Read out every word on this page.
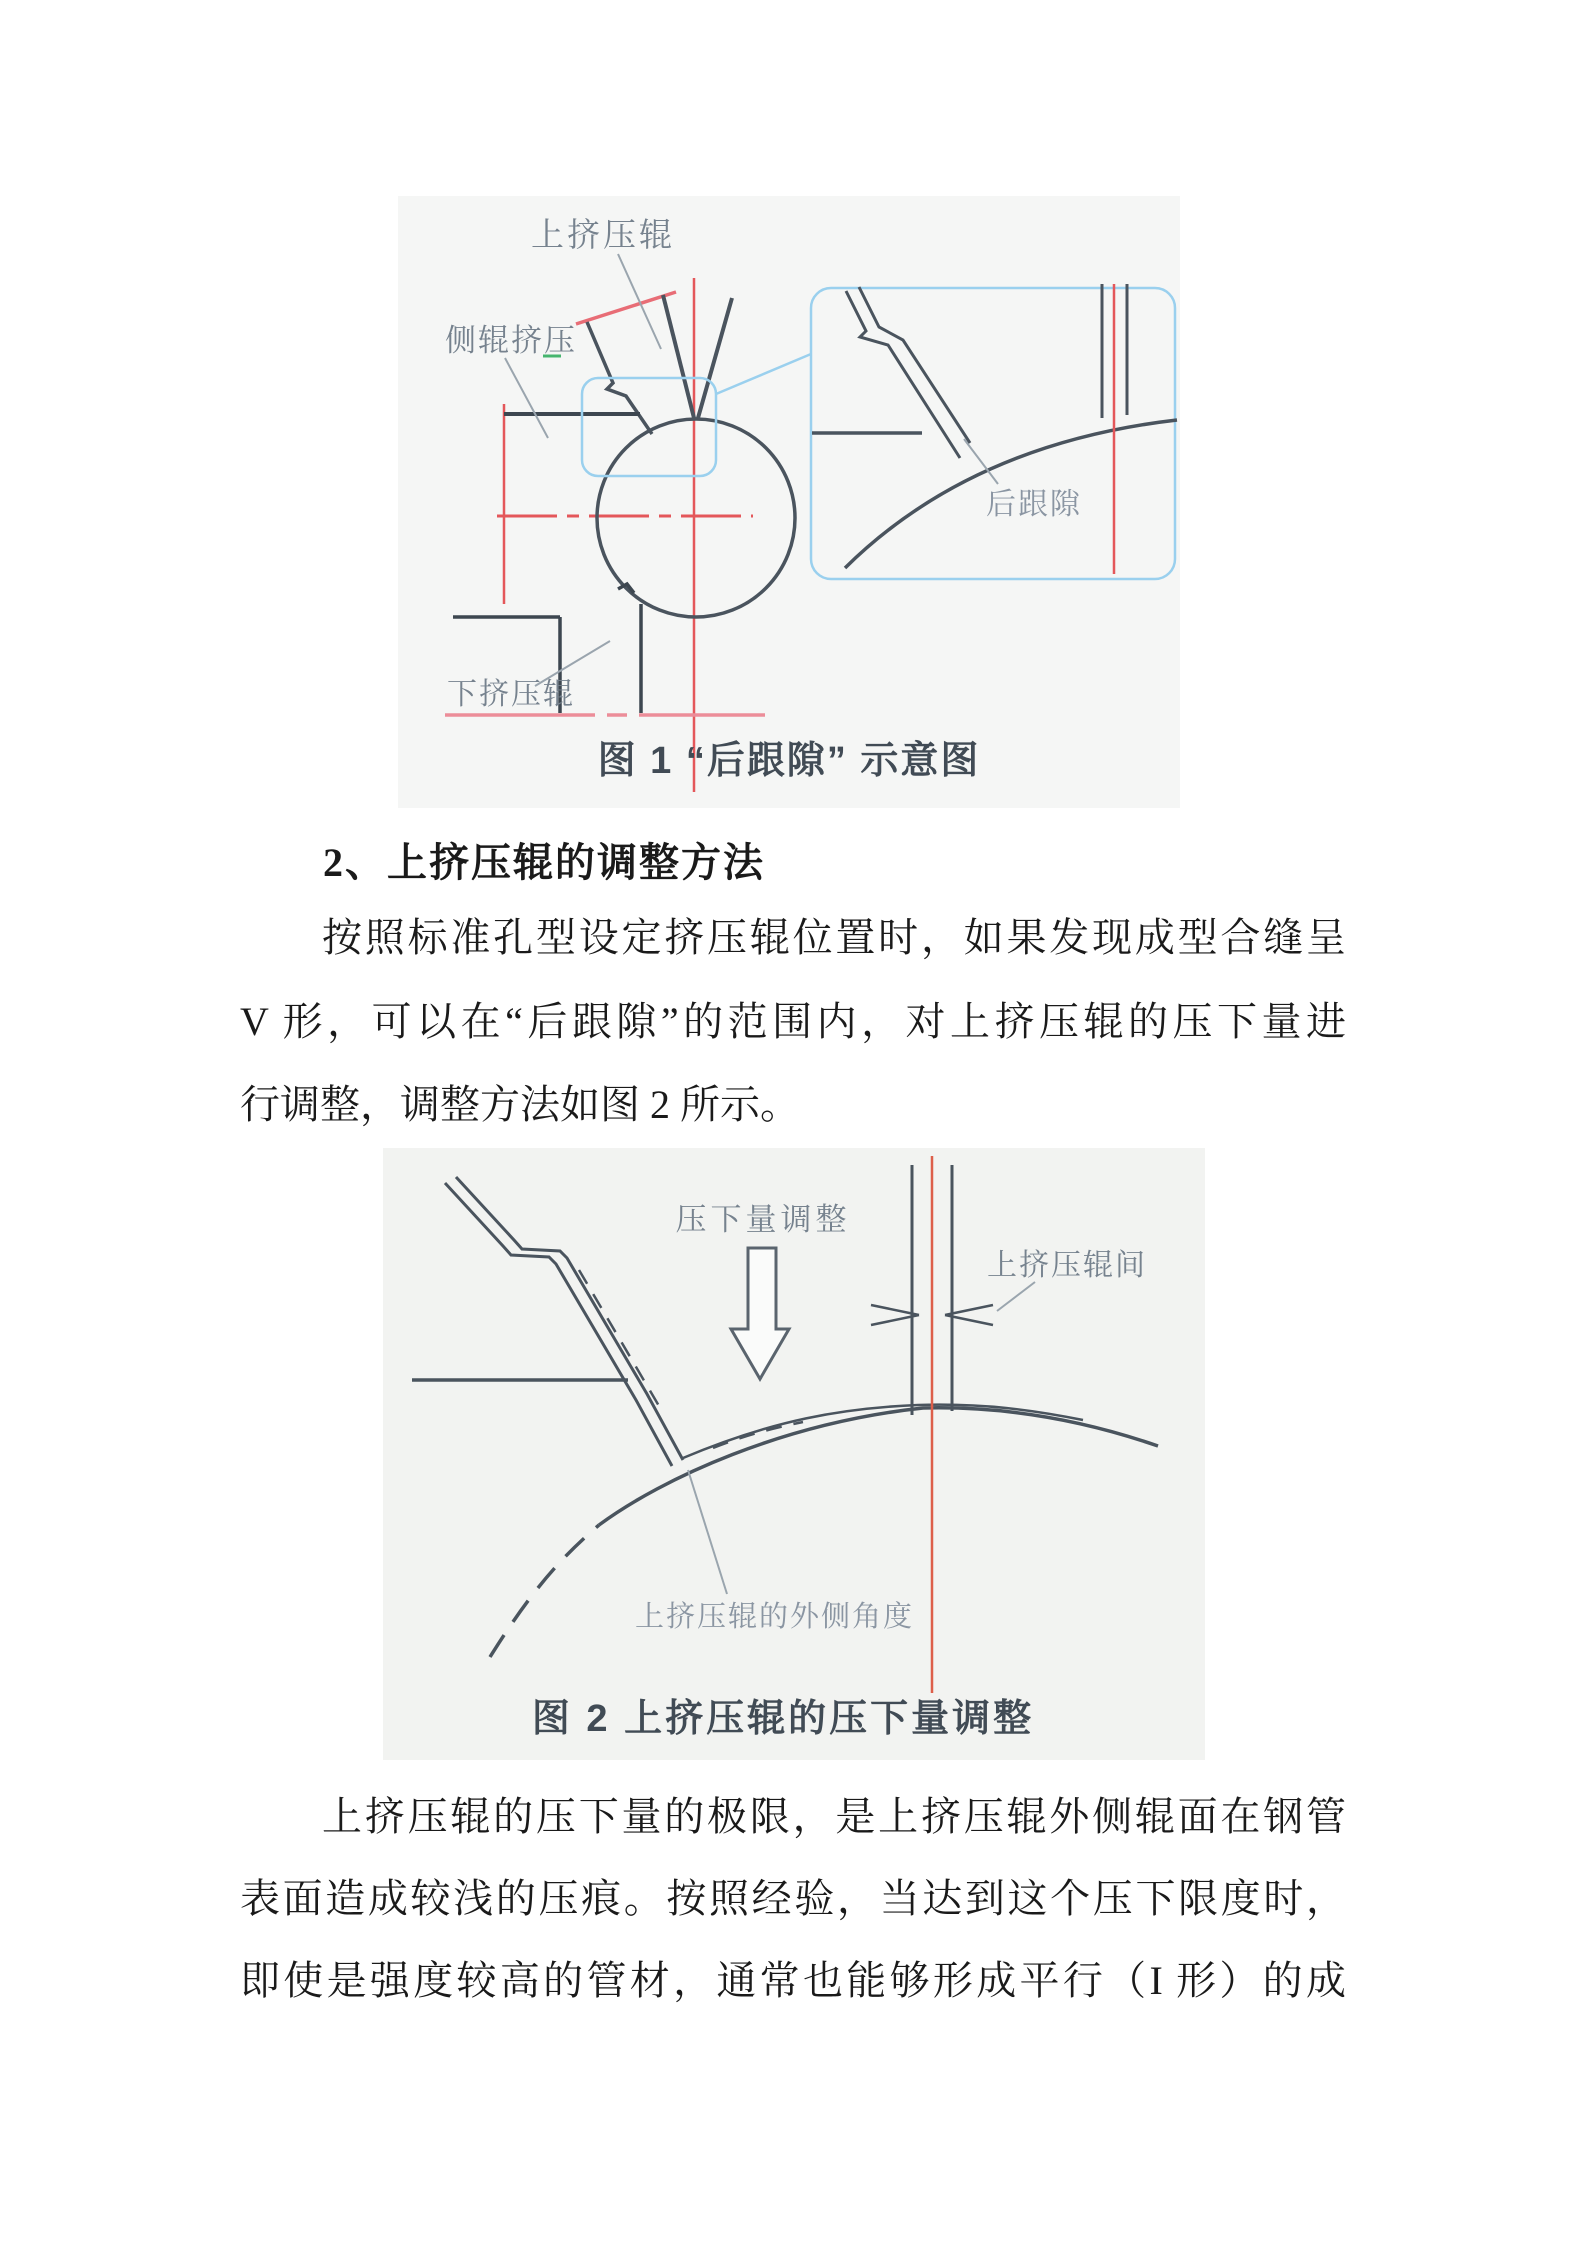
上挤压辊
侧辊挤压
下挤压辊
后跟隙
图 1 “后跟隙” 示意图
2、上挤压辊的调整方法
按照标准孔型设定挤压辊位置时，如果发现成型合缝呈
V 形，可以在“后跟隙”的范围内，对上挤压辊的压下量进
行调整，调整方法如图 2 所示。
压下量调整
上挤压辊间
上挤压辊的外侧角度
图 2 上挤压辊的压下量调整
上挤压辊的压下量的极限，是上挤压辊外侧辊面在钢管
表面造成较浅的压痕。按照经验，当达到这个压下限度时，
即使是强度较高的管材，通常也能够形成平行（I 形）的成
